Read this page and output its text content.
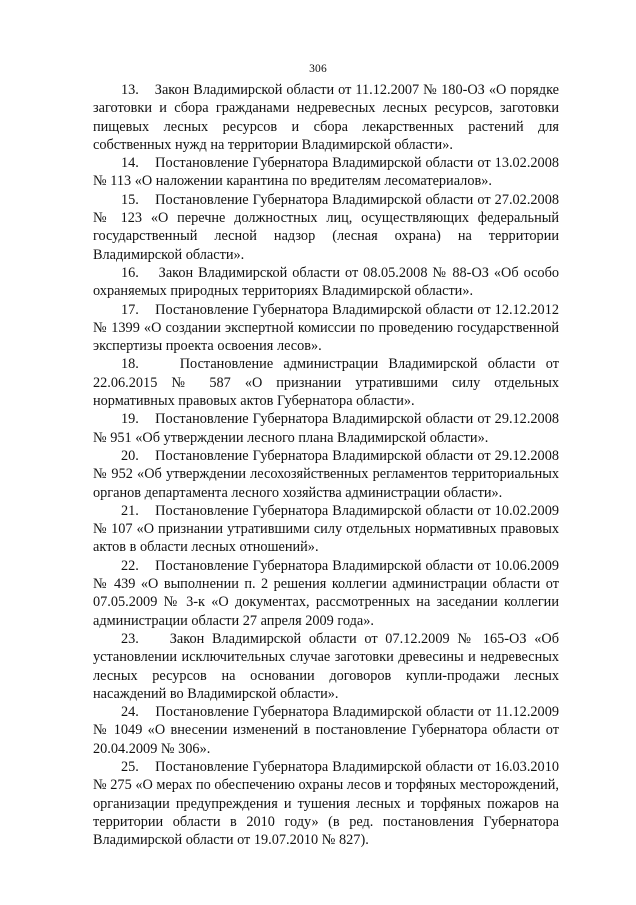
306

13. Закон Владимирской области от 11.12.2007 № 180-ОЗ «О порядке заготовки и сбора гражданами недревесных лесных ресурсов, заготовки пищевых лесных ресурсов и сбора лекарственных растений для собственных нужд на территории Владимирской области».

14. Постановление Губернатора Владимирской области от 13.02.2008 № 113 «О наложении карантина по вредителям лесоматериалов».

15. Постановление Губернатора Владимирской области от 27.02.2008 № 123 «О перечне должностных лиц, осуществляющих федеральный государственный лесной надзор (лесная охрана) на территории Владимирской области».

16. Закон Владимирской области от 08.05.2008 № 88-ОЗ «Об особо охраняемых природных территориях Владимирской области».

17. Постановление Губернатора Владимирской области от 12.12.2012 № 1399 «О создании экспертной комиссии по проведению государственной экспертизы проекта освоения лесов».

18.	Постановление администрации Владимирской области от 22.06.2015 № 587 «О признании утратившими силу отдельных нормативных правовых актов Губернатора области».

19. Постановление Губернатора Владимирской области от 29.12.2008 № 951 «Об утверждении лесного плана Владимирской области».

20. Постановление Губернатора Владимирской области от 29.12.2008 № 952 «Об утверждении лесохозяйственных регламентов территориальных органов департамента лесного хозяйства администрации области».

21. Постановление Губернатора Владимирской области от 10.02.2009 № 107 «О признании утратившими силу отдельных нормативных правовых актов в области лесных отношений».

22. Постановление Губернатора Владимирской области от 10.06.2009 № 439 «О выполнении п. 2 решения коллегии администрации области от 07.05.2009 № 3-к «О документах, рассмотренных на заседании коллегии администрации области 27 апреля 2009 года».

23. Закон Владимирской области от 07.12.2009 № 165-ОЗ «Об установлении исключительных случае заготовки древесины и недревесных лесных ресурсов на основании договоров купли-продажи лесных насаждений во Владимирской области».

24. Постановление Губернатора Владимирской области от 11.12.2009 № 1049 «О внесении изменений в постановление Губернатора области от 20.04.2009 № 306».

25. Постановление Губернатора Владимирской области от 16.03.2010 № 275 «О мерах по обеспечению охраны лесов и торфяных месторождений, организации предупреждения и тушения лесных и торфяных пожаров на территории области в 2010 году» (в ред. постановления Губернатора Владимирской области от 19.07.2010 № 827).
